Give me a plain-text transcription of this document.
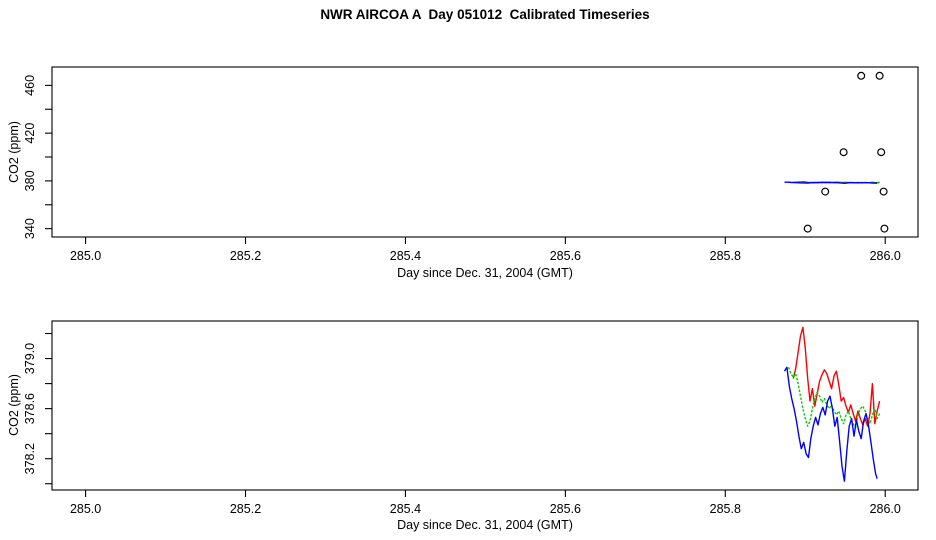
285.0	285.2	285.4	285.6	285.8	286.0
340
380
420
460
285.0	285.2	285.4	285.6	285.8	286.0
378.2
378.6
379.0
NWR AIRCOA A  Day 051012  Calibrated Timeseries
Day since Dec. 31, 2004 (GMT)
Day since Dec. 31, 2004 (GMT)
CO2 (ppm)
CO2 (ppm)
